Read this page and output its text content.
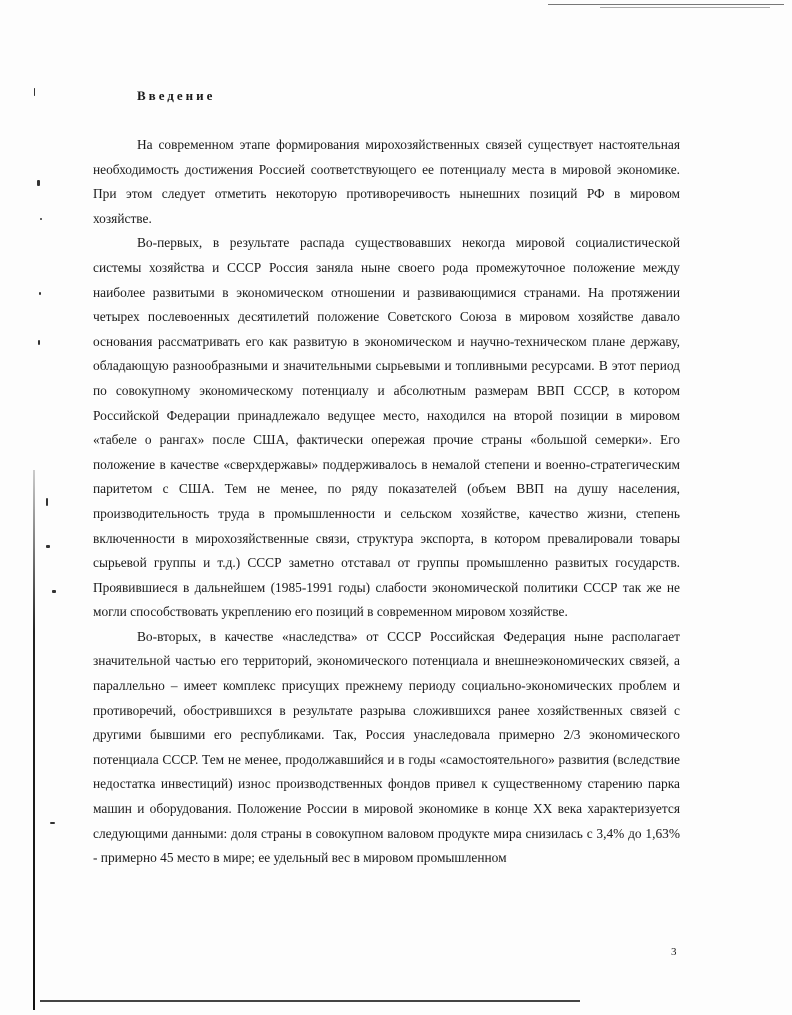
Введение

На современном этапе формирования мирохозяйственных связей существует настоятельная необходимость достижения Россией соответствующего ее потенциалу места в мировой экономике. При этом следует отметить некоторую противоречивость нынешних позиций РФ в мировом хозяйстве.

Во-первых, в результате распада существовавших некогда мировой социалистической системы хозяйства и СССР Россия заняла ныне своего рода промежуточное положение между наиболее развитыми в экономическом отношении и развивающимися странами. На протяжении четырех послевоенных десятилетий положение Советского Союза в мировом хозяйстве давало основания рассматривать его как развитую в экономическом и научно-техническом плане державу, обладающую разнообразными и значительными сырьевыми и топливными ресурсами. В этот период по совокупному экономическому потенциалу и абсолютным размерам ВВП СССР, в котором Российской Федерации принадлежало ведущее место, находился на второй позиции в мировом «табеле о рангах» после США, фактически опережая прочие страны «большой семерки». Его положение в качестве «сверхдержавы» поддерживалось в немалой степени и военно-стратегическим паритетом с США. Тем не менее, по ряду показателей (объем ВВП на душу населения, производительность труда в промышленности и сельском хозяйстве, качество жизни, степень включенности в мирохозяйственные связи, структура экспорта, в котором превалировали товары сырьевой группы и т.д.) СССР заметно отставал от группы промышленно развитых государств. Проявившиеся в дальнейшем (1985-1991 годы) слабости экономической политики СССР так же не могли способствовать укреплению его позиций в современном мировом хозяйстве.

Во-вторых, в качестве «наследства» от СССР Российская Федерация ныне располагает значительной частью его территорий, экономического потенциала и внешнеэкономических связей, а параллельно – имеет комплекс присущих прежнему периоду социально-экономических проблем и противоречий, обострившихся в результате разрыва сложившихся ранее хозяйственных связей с другими бывшими его республиками. Так, Россия унаследовала примерно 2/3 экономического потенциала СССР. Тем не менее, продолжавшийся и в годы «самостоятельного» развития (вследствие недостатка инвестиций) износ производственных фондов привел к существенному старению парка машин и оборудования. Положение России в мировой экономике в конце XX века характеризуется следующими данными: доля страны в совокупном валовом продукте мира снизилась с 3,4% до 1,63% - примерно 45 место в мире; ее удельный вес в мировом промышленном

3
